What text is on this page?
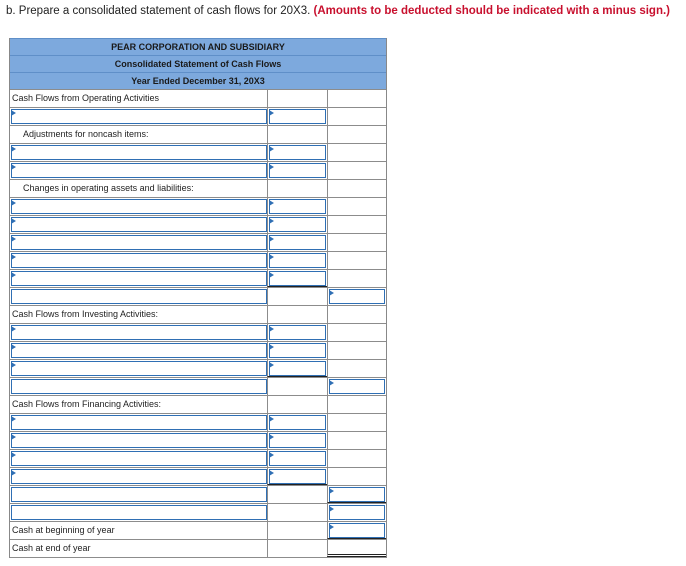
b. Prepare a consolidated statement of cash flows for 20X3. (Amounts to be deducted should be indicated with a minus sign.)
PEAR CORPORATION AND SUBSIDIARY
Consolidated Statement of Cash Flows
Year Ended December 31, 20X3
Cash Flows from Operating Activities
Adjustments for noncash items:
Changes in operating assets and liabilities:
Cash Flows from Investing Activities:
Cash Flows from Financing Activities:
Cash at beginning of year
Cash at end of year
